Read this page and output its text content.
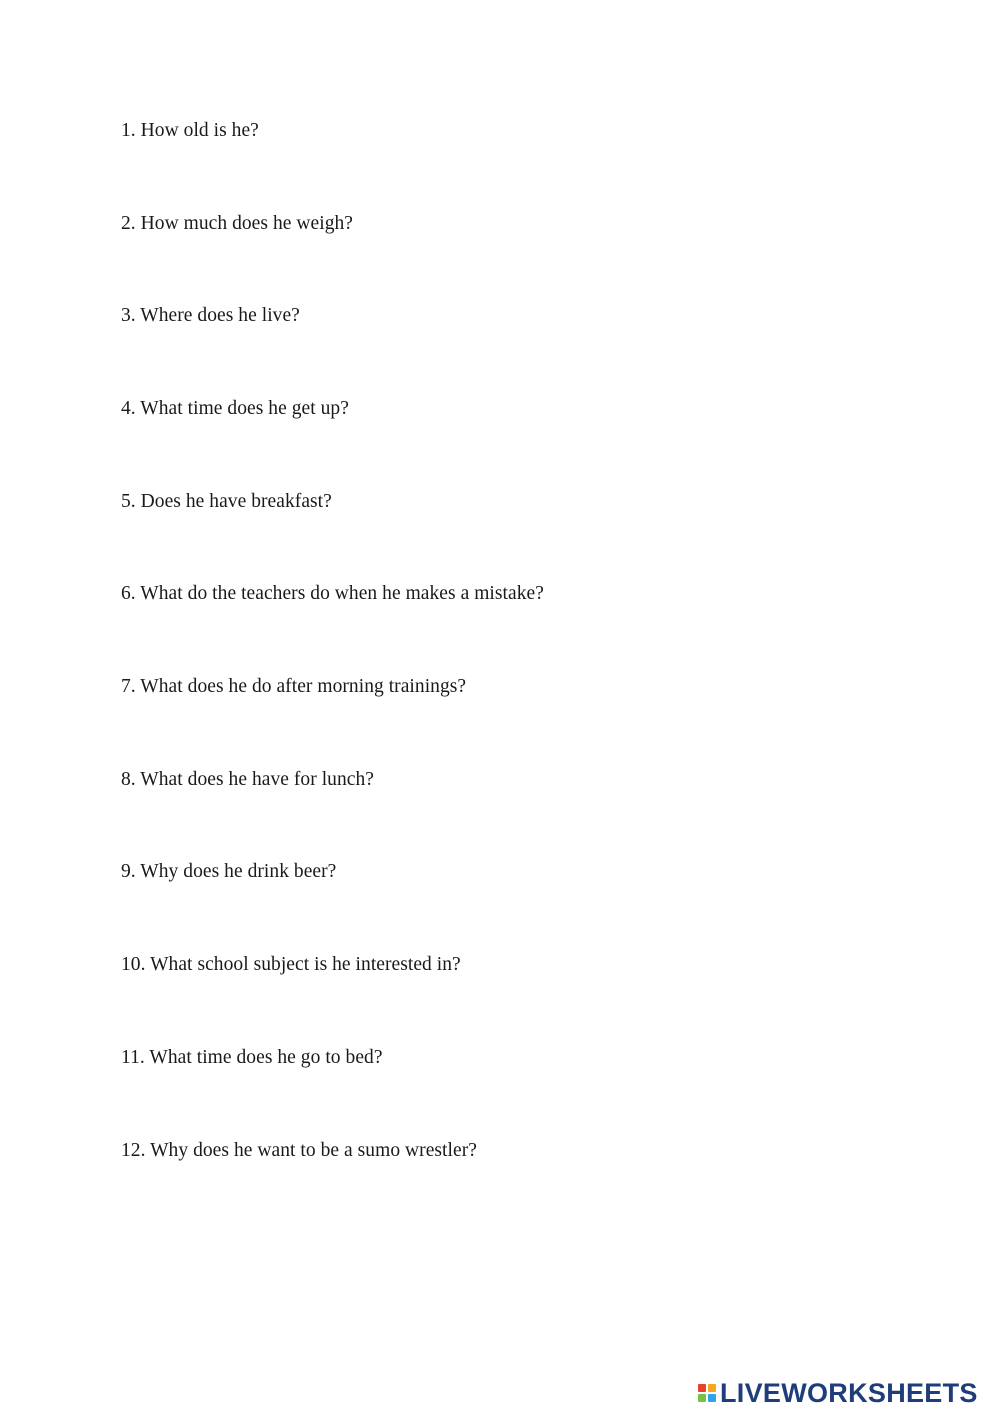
1. How old is he?
2. How much does he weigh?
3. Where does he live?
4. What time does he get up?
5. Does he have breakfast?
6. What do the teachers do when he makes a mistake?
7. What does he do after morning trainings?
8. What does he have for lunch?
9. Why does he drink beer?
10. What school subject is he interested in?
11. What time does he go to bed?
12. Why does he want to be a sumo wrestler?
LIVEWORKSHEETS
